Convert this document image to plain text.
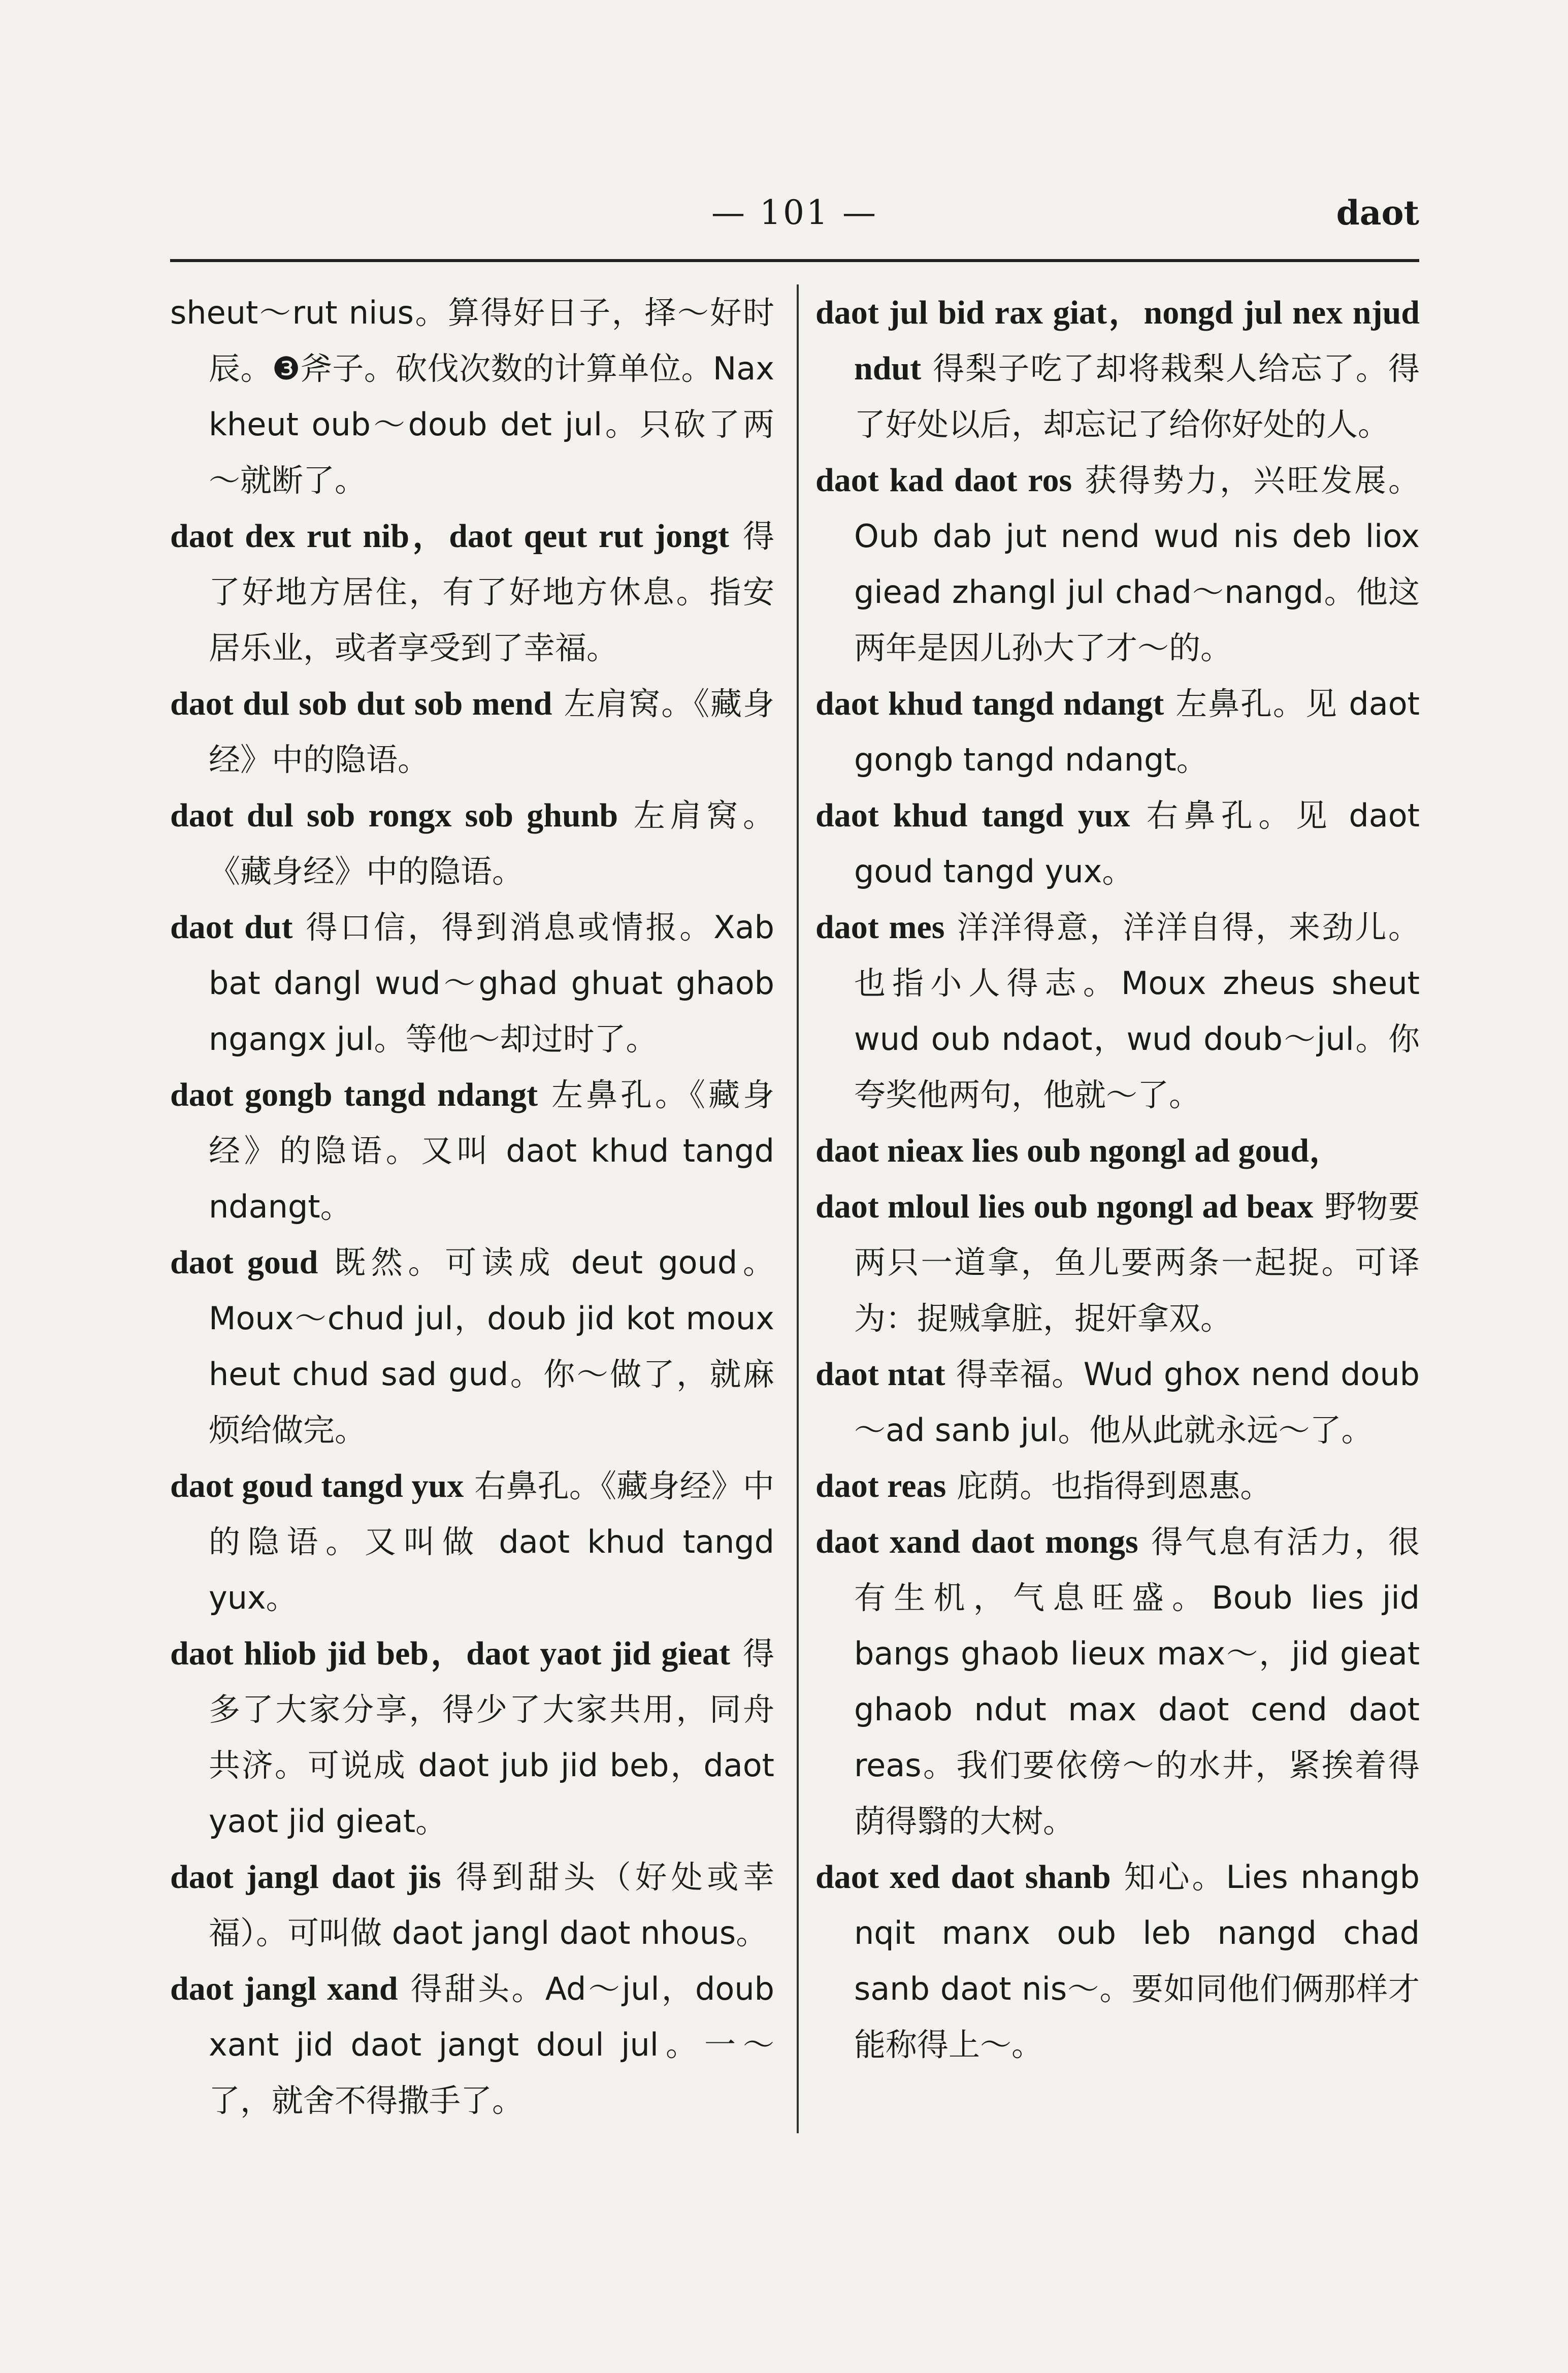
— 101 —	daot
sheut～rut nius。算得好日子，择～好时辰。❸斧子。砍伐次数的计算单位。Nax kheut oub～doub det jul。只砍了两～就断了。
daot dex rut nib，daot qeut rut jongt 得了好地方居住，有了好地方休息。指安居乐业，或者享受到了幸福。
daot dul sob dut sob mend 左肩窝。《藏身经》中的隐语。
daot dul sob rongx sob ghunb 左肩窝。《藏身经》中的隐语。
daot dut 得口信，得到消息或情报。Xab bat dangl wud～ghad ghuat ghaob ngangx jul。等他～却过时了。
daot gongb tangd ndangt 左鼻孔。《藏身经》的隐语。又叫 daot khud tangd ndangt。
daot goud 既然。可读成 deut goud。Moux～chud jul，doub jid kot moux heut chud sad gud。你～做了，就麻烦给做完。
daot goud tangd yux 右鼻孔。《藏身经》中的隐语。又叫做 daot khud tangd yux。
daot hliob jid beb，daot yaot jid gieat 得多了大家分享，得少了大家共用，同舟共济。可说成 daot jub jid beb，daot yaot jid gieat。
daot jangl daot jis 得到甜头（好处或幸福）。可叫做 daot jangl daot nhous。
daot jangl xand 得甜头。Ad～jul，doub xant jid daot jangt doul jul。一～了，就舍不得撒手了。
daot jul bid rax giat，nongd jul nex njud ndut 得梨子吃了却将栽梨人给忘了。得了好处以后，却忘记了给你好处的人。
daot kad daot ros 获得势力，兴旺发展。Oub dab jut nend wud nis deb liox giead zhangl jul chad～nangd。他这两年是因儿孙大了才～的。
daot khud tangd ndangt 左鼻孔。见 daot gongb tangd ndangt。
daot khud tangd yux 右鼻孔。见 daot goud tangd yux。
daot mes 洋洋得意，洋洋自得，来劲儿。也指小人得志。Moux zheus sheut wud oub ndaot，wud doub～jul。你夸奖他两句，他就～了。
daot nieax lies oub ngongl ad goud，
daot mloul lies oub ngongl ad beax 野物要两只一道拿，鱼儿要两条一起捉。可译为：捉贼拿脏，捉奸拿双。
daot ntat 得幸福。Wud ghox nend doub～ad sanb jul。他从此就永远～了。
daot reas 庇荫。也指得到恩惠。
daot xand daot mongs 得气息有活力，很有生机，气息旺盛。Boub lies jid bangs ghaob lieux max～，jid gieat ghaob ndut max daot cend daot reas。我们要依傍～的水井，紧挨着得荫得翳的大树。
daot xed daot shanb 知心。Lies nhangb nqit manx oub leb nangd chad sanb daot nis～。要如同他们俩那样才能称得上～。
